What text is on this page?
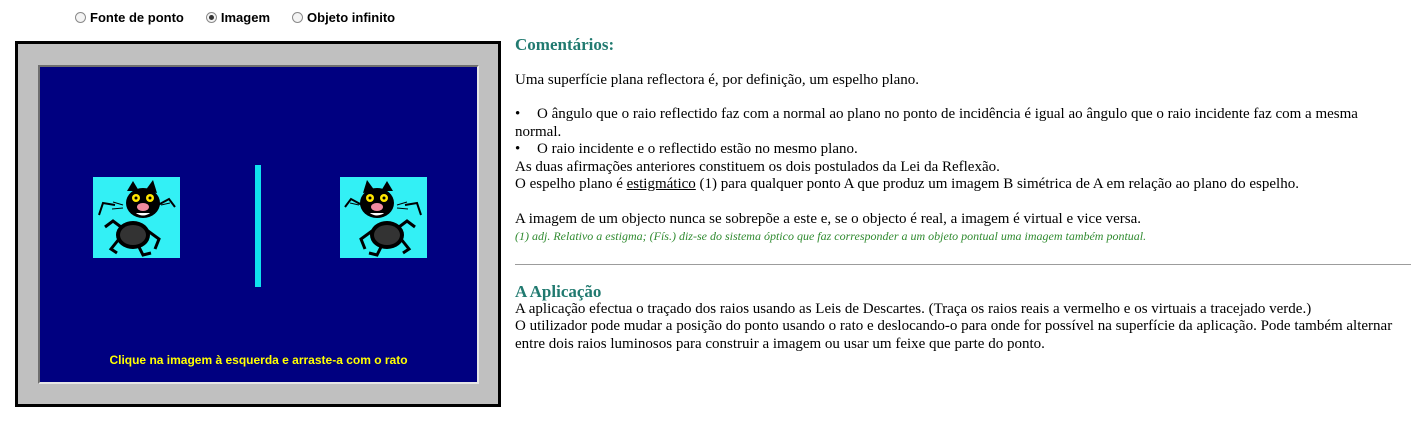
Fonte de ponto	Imagem	Objeto infinito
Clique na imagem à esquerda e arraste-a com o rato

Comentários:

Uma superfície plana reflectora é, por definição, um espelho plano.

• O ângulo que o raio reflectido faz com a normal ao plano no ponto de incidência é igual ao ângulo que o raio incidente faz com a mesma normal.
• O raio incidente e o reflectido estão no mesmo plano.

As duas afirmações anteriores constituem os dois postulados da Lei da Reflexão.

O espelho plano é estigmático (1) para qualquer ponto A que produz um imagem B simétrica de A em relação ao plano do espelho.

A imagem de um objecto nunca se sobrepõe a este e, se o objecto é real, a imagem é virtual e vice versa.

(1) adj. Relativo a estigma; (Fís.) diz-se do sistema óptico que faz corresponder a um objeto pontual uma imagem também pontual.

A Aplicação

A aplicação efectua o traçado dos raios usando as Leis de Descartes. (Traça os raios reais a vermelho e os virtuais a tracejado verde.)

O utilizador pode mudar a posição do ponto usando o rato e deslocando-o para onde for possível na superfície da aplicação. Pode também alternar entre dois raios luminosos para construir a imagem ou usar um feixe que parte do ponto.
